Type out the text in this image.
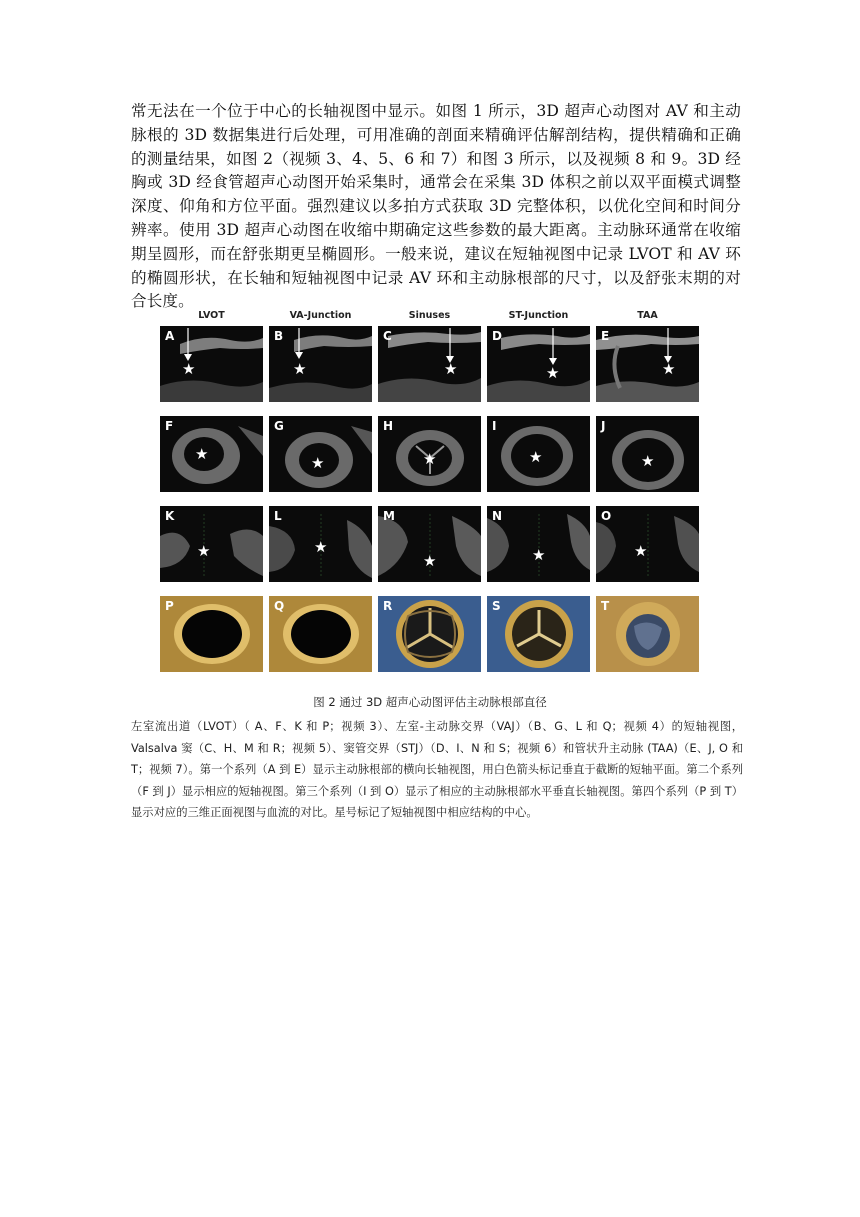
常无法在一个位于中心的长轴视图中显示。如图 1 所示，3D 超声心动图对 AV 和主动脉根的 3D 数据集进行后处理，可用准确的剖面来精确评估解剖结构，提供精确和正确的测量结果，如图 2（视频 3、4、5、6 和 7）和图 3 所示，以及视频 8 和 9。3D 经胸或 3D 经食管超声心动图开始采集时，通常会在采集 3D 体积之前以双平面模式调整深度、仰角和方位平面。强烈建议以多拍方式获取 3D 完整体积，以优化空间和时间分辨率。使用 3D 超声心动图在收缩中期确定这些参数的最大距离。主动脉环通常在收缩期呈圆形，而在舒张期更呈椭圆形。一般来说，建议在短轴视图中记录 LVOT 和 AV 环的椭圆形状，在长轴和短轴视图中记录 AV 环和主动脉根部的尺寸，以及舒张末期的对合长度。

LVOT	VA-Junction	Sinuses	ST-Junction	TAA
A
★
B
★
C
★
D
★
E
★
F
★
G
★
H
★
I
★
J
★
K
★
L
★
M
★
N
★
O
★
P	Q	R	S	T
图 2 通过 3D 超声心动图评估主动脉根部直径

左室流出道（LVOT）（ A、F、K 和 P；视频 3）、左室-主动脉交界（VAJ）（B、G、L 和 Q；视频 4）的短轴视图，Valsalva 窦（C、H、M 和 R；视频 5）、窦管交界（STJ）（D、I、N 和 S；视频 6）和管状升主动脉 (TAA)（E、J, O 和 T；视频 7）。第一个系列（A 到 E）显示主动脉根部的横向长轴视图，用白色箭头标记垂直于截断的短轴平面。第二个系列（F 到 J）显示相应的短轴视图。第三个系列（I 到 O）显示了相应的主动脉根部水平垂直长轴视图。第四个系列（P 到 T）显示对应的三维正面视图与血流的对比。星号标记了短轴视图中相应结构的中心。
